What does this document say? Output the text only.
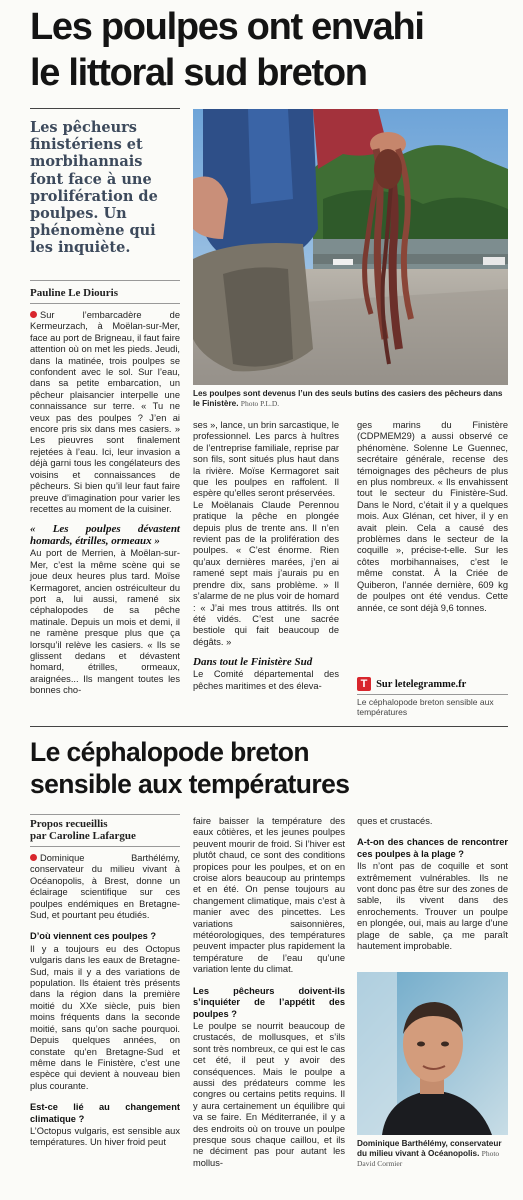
Les poulpes ont envahi
le littoral sud breton
Les pêcheurs finistériens et morbihannais font face à une prolifération de poulpes. Un phénomène qui les inquiète.
Pauline Le Diouris
Les poulpes sont devenus l’un des seuls butins des casiers des pêcheurs dans le Finistère. Photo P.L.D.

Sur l’embarcadère de Kermeurzach, à Moëlan-sur-Mer, face au port de Brigneau, il faut faire attention où on met les pieds. Jeudi, dans la matinée, trois poulpes se confondent avec le sol. Sur l’eau, dans sa petite embarcation, un pêcheur plaisancier interpelle une connaissance sur terre. « Tu ne veux pas des poulpes ? J’en ai encore pris six dans mes casiers. » Les pieuvres sont finalement rejetées à l’eau. Ici, leur invasion a déjà garni tous les congélateurs des voisins et connaissances de pêcheurs. Si bien qu’il leur faut faire preuve d’imagination pour varier les recettes au moment de la cuisiner.

« Les poulpes dévastent homards, étrilles, ormeaux »

Au port de Merrien, à Moëlan-sur-Mer, c’est la même scène qui se joue deux heures plus tard. Moïse Kermagoret, ancien ostréiculteur du port a, lui aussi, ramené six céphalopodes de sa pêche matinale. Depuis un mois et demi, il ne ramène presque plus que ça lorsqu’il relève les casiers. « Ils se glissent dedans et dévastent homard, étrilles, ormeaux, araignées... Ils mangent toutes les bonnes cho-

ses », lance, un brin sarcastique, le professionnel. Les parcs à huîtres de l’entreprise familiale, reprise par son fils, sont situés plus haut dans la rivière. Moïse Kermagoret sait que les poulpes en raffolent. Il espère qu’elles seront préservées.

Le Moëlanais Claude Perennou pratique la pêche en plongée depuis plus de trente ans. Il n’en revient pas de la prolifération des poulpes. « C’est énorme. Rien qu’aux dernières marées, j’en ai ramené sept mais j’aurais pu en prendre dix, sans problème. » Il s’alarme de ne plus voir de homard : « J’ai mes trous attitrés. Ils ont été vidés. C’est une sacrée bestiole qui fait beaucoup de dégâts. »

Dans tout le Finistère Sud

Le Comité départemental des pêches maritimes et des éleva-

ges marins du Finistère (CDPMEM29) a aussi observé ce phénomène. Solenne Le Guennec, secrétaire générale, recense des témoignages des pêcheurs de plus en plus nombreux. « Ils envahissent tout le secteur du Finistère-Sud. Dans le Nord, c’était il y a quelques mois. Aux Glénan, cet hiver, il y en avait plein. Cela a causé des problèmes dans le secteur de la coquille », précise-t-elle. Sur les côtes morbihannaises, c’est le même constat. À la Criée de Quiberon, l’année dernière, 609 kg de poulpes ont été vendus. Cette année, ce sont déjà 9,6 tonnes.

T Sur letelegramme.fr
Le céphalopode breton sensible aux températures
Le céphalopode breton
sensible aux températures
Propos recueillis
par Caroline Lafargue

Dominique Barthélémy, conservateur du milieu vivant à Océanopolis, à Brest, donne un éclairage scientifique sur ces poulpes endémiques en Bretagne-Sud, et pourtant peu étudiés.

D’où viennent ces poulpes ?

Il y a toujours eu des Octopus vulgaris dans les eaux de Bretagne-Sud, mais il y a des variations de population. Ils étaient très présents dans la région dans la première moitié du XXe siècle, puis bien moins fréquents dans la seconde moitié, sans qu’on sache pourquoi. Depuis quelques années, on constate qu’en Bretagne-Sud et même dans le Finistère, c’est une espèce qui devient à nouveau bien plus courante.

Est-ce lié au changement climatique ?

L’Octopus vulgaris, est sensible aux températures. Un hiver froid peut

faire baisser la température des eaux côtières, et les jeunes poulpes peuvent mourir de froid. Si l’hiver est plutôt chaud, ce sont des conditions propices pour les poulpes, et on en croise alors beaucoup au printemps et en été. On pense toujours au changement climatique, mais c’est à manier avec des pincettes. Les variations saisonnières, météorologiques, des températures peuvent impacter plus rapidement la température de l’eau qu’une variation lente du climat.

Les pêcheurs doivent-ils s’inquiéter de l’appétit des poulpes ?

Le poulpe se nourrit beaucoup de crustacés, de mollusques, et s’ils sont très nombreux, ce qui est le cas cet été, il peut y avoir des conséquences. Mais le poulpe a aussi des prédateurs comme les congres ou certains petits requins. Il y aura certainement un équilibre qui va se faire. En Méditerranée, il y a des endroits où on trouve un poulpe presque sous chaque caillou, et ils ne déciment pas pour autant les mollus-

ques et crustacés.

A-t-on des chances de rencontrer ces poulpes à la plage ?

Ils n’ont pas de coquille et sont extrêmement vulnérables. Ils ne vont donc pas être sur des zones de sable, ils vivent dans des enrochements. Trouver un poulpe en plongée, oui, mais au large d’une plage de sable, ça me paraît hautement improbable.

Dominique Barthélémy, conservateur du milieu vivant à Océanopolis. Photo David Cormier
